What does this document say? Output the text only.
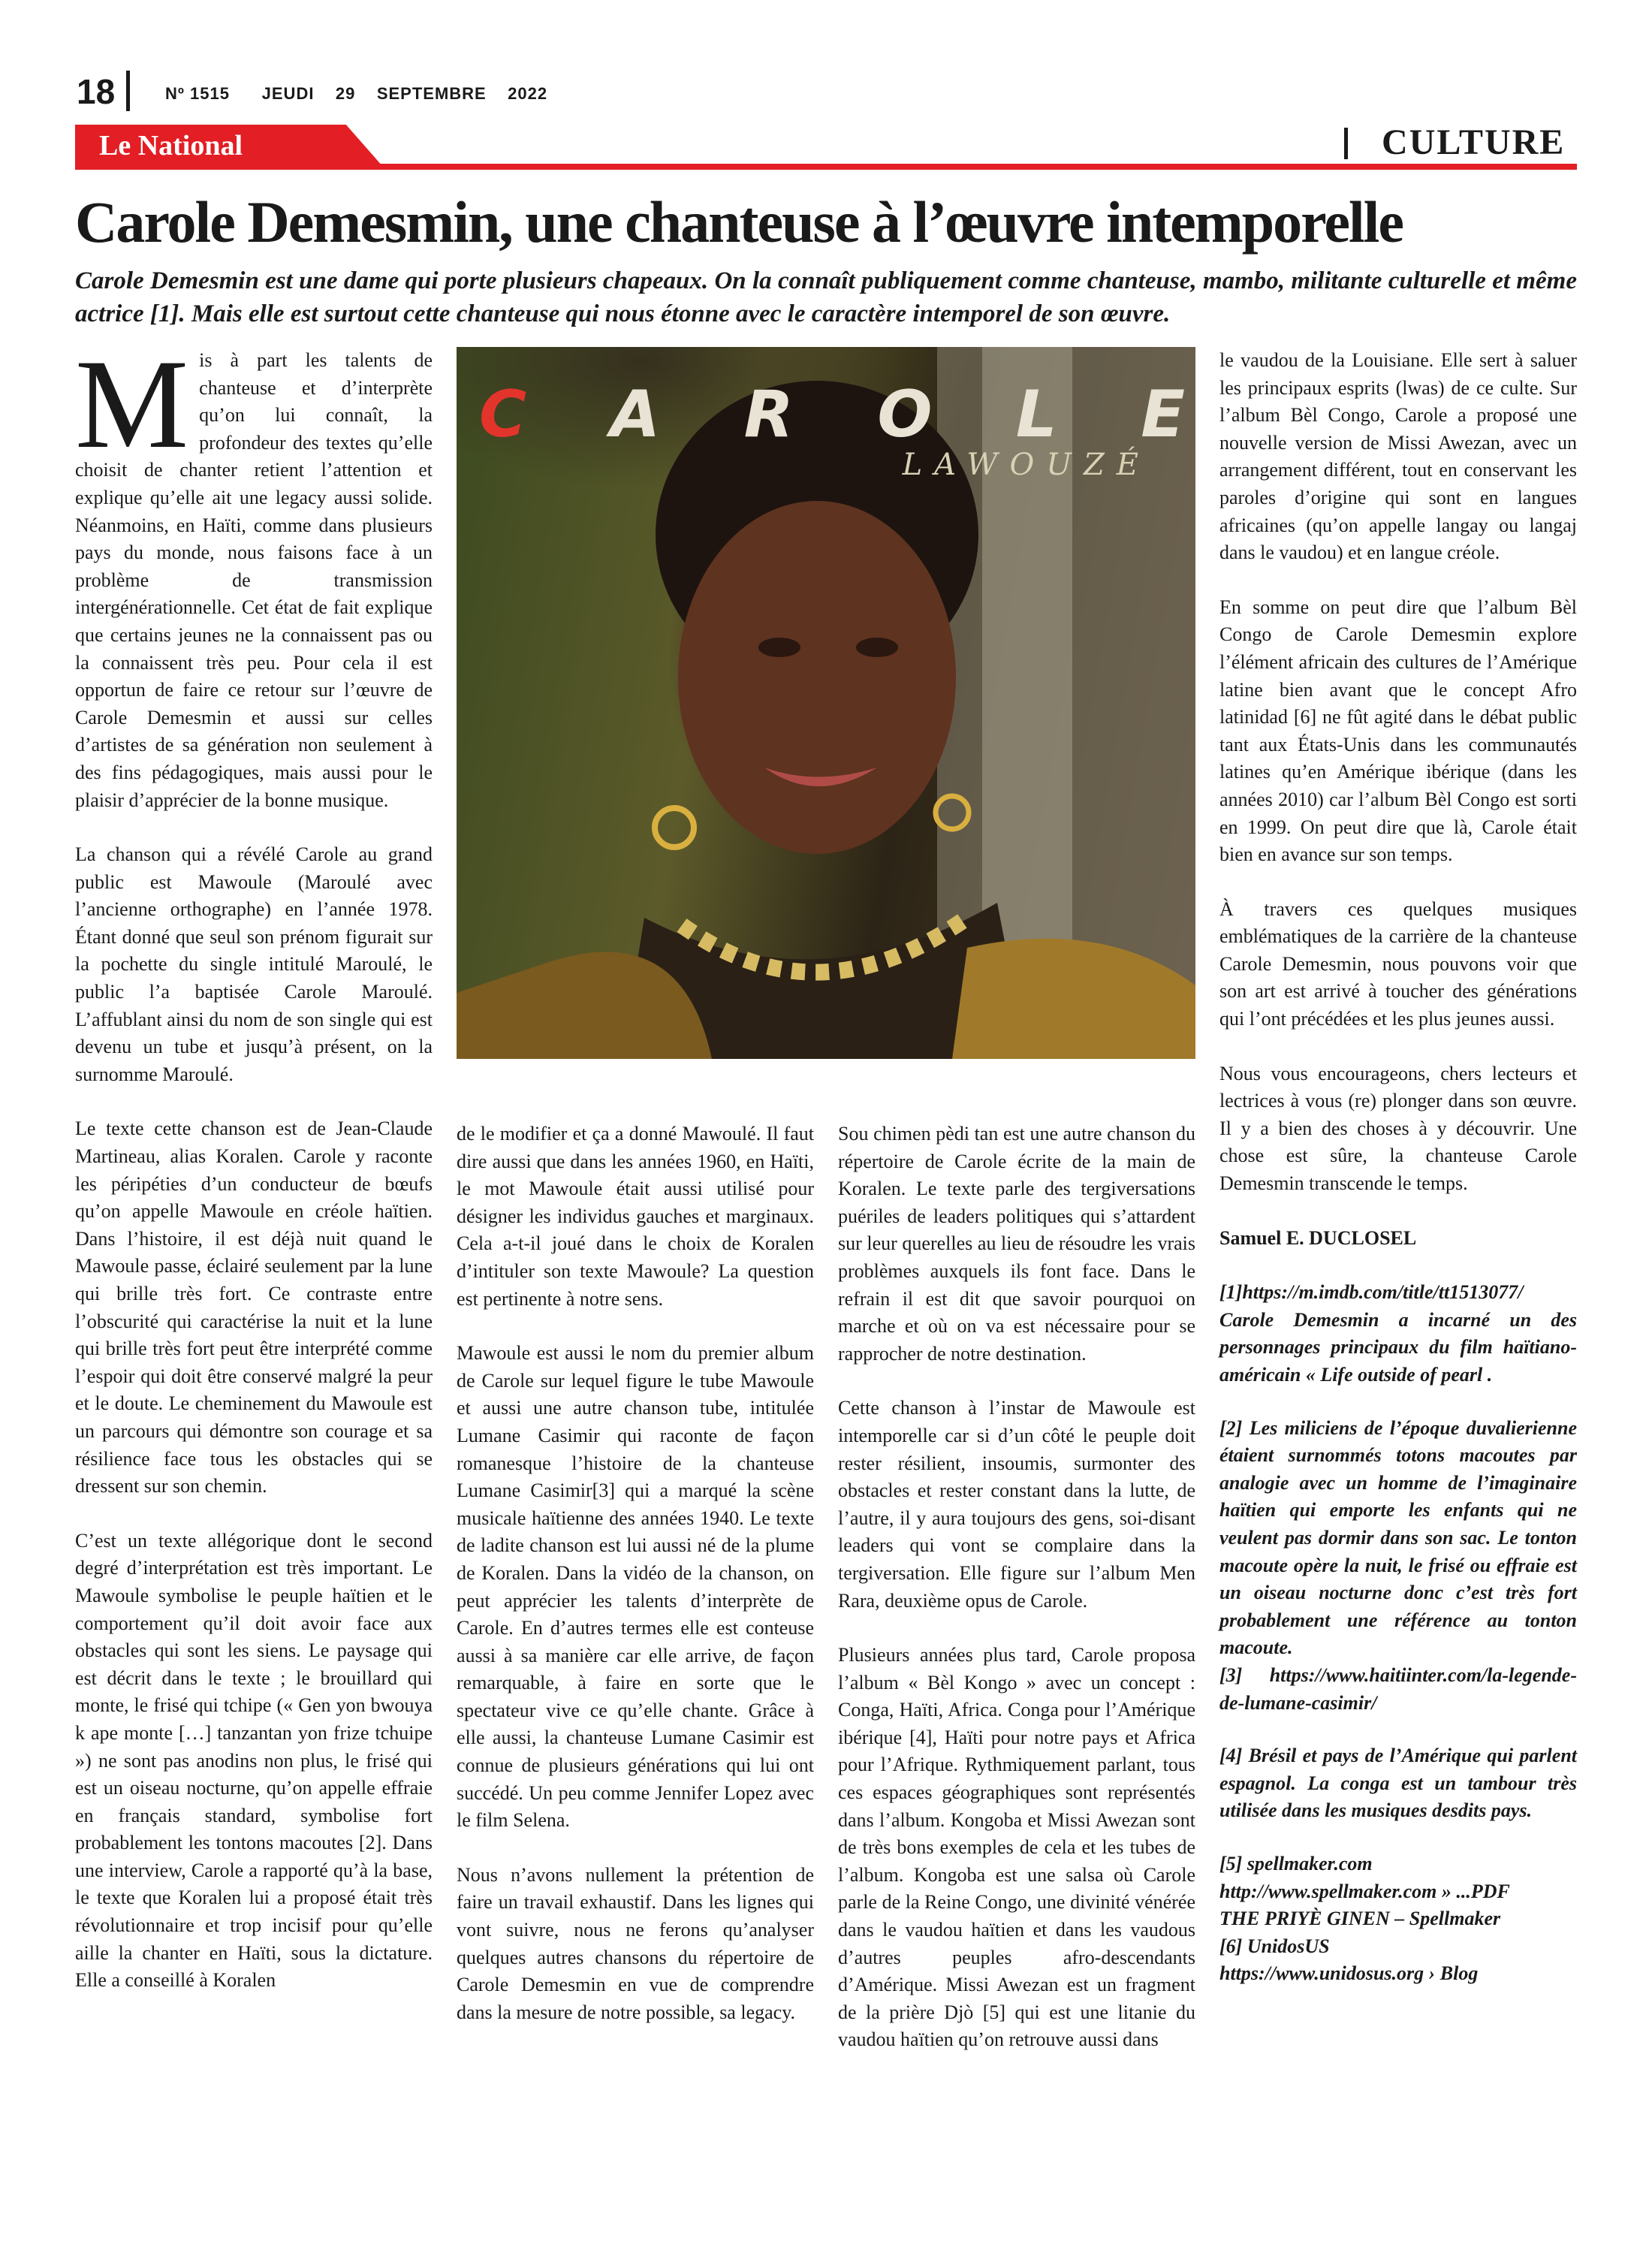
18	Nº 1515      JEUDI    29    SEPTEMBRE    2022
Le National	CULTURE
Carole Demesmin, une chanteuse à l’œuvre intemporelle
Carole Demesmin est une dame qui porte plusieurs chapeaux. On la connaît publiquement comme chanteuse, mambo, militante culturelle et même actrice [1]. Mais elle est surtout cette chanteuse qui nous étonne avec le caractère intemporel de son œuvre.

Mis à part les talents de chanteuse et d’interprète qu’on lui connaît, la profondeur des textes qu’elle choisit de chanter retient l’attention et explique qu’elle ait une legacy aussi solide. Néanmoins, en Haïti, comme dans plusieurs pays du monde, nous faisons face à un problème de transmission intergénérationnelle. Cet état de fait explique que certains jeunes ne la connaissent pas ou la connaissent très peu. Pour cela il est opportun de faire ce retour sur l’œuvre de Carole Demesmin et aussi sur celles d’artistes de sa génération non seulement à des fins pédagogiques, mais aussi pour le plaisir d’apprécier de la bonne musique.

La chanson qui a révélé Carole au grand public est Mawoule (Maroulé avec l’ancienne orthographe) en l’année 1978. Étant donné que seul son prénom figurait sur la pochette du single intitulé Maroulé, le public l’a baptisée Carole Maroulé. L’affublant ainsi du nom de son single qui est devenu un tube et jusqu’à présent, on la surnomme Maroulé.

Le texte cette chanson est de Jean-Claude Martineau, alias Koralen. Carole y raconte les péripéties d’un conducteur de bœufs qu’on appelle Mawoule en créole haïtien. Dans l’histoire, il est déjà nuit quand le Mawoule passe, éclairé seulement par la lune qui brille très fort. Ce contraste entre l’obscurité qui caractérise la nuit et la lune qui brille très fort peut être interprété comme l’espoir qui doit être conservé malgré la peur et le doute. Le cheminement du Mawoule est un parcours qui démontre son courage et sa résilience face tous les obstacles qui se dressent sur son chemin.

C’est un texte allégorique dont le second degré d’interprétation est très important. Le Mawoule symbolise le peuple haïtien et le comportement qu’il doit avoir face aux obstacles qui sont les siens. Le paysage qui est décrit dans le texte ; le brouillard qui monte, le frisé qui tchipe (« Gen yon bwouya k ape monte […] tanzantan yon frize tchuipe ») ne sont pas anodins non plus, le frisé qui est un oiseau nocturne, qu’on appelle effraie en français standard, symbolise fort probablement les tontons macoutes [2]. Dans une interview, Carole a rapporté qu’à la base, le texte que Koralen lui a proposé était très révolutionnaire et trop incisif pour qu’elle aille la chanter en Haïti, sous la dictature. Elle a conseillé à Koralen

C A R O L E
LAWOUZÉ

de le modifier et ça a donné Mawoulé. Il faut dire aussi que dans les années 1960, en Haïti, le mot Mawoule était aussi utilisé pour désigner les individus gauches et marginaux. Cela a-t-il joué dans le choix de Koralen d’intituler son texte Mawoule? La question est pertinente à notre sens.

Mawoule est aussi le nom du premier album de Carole sur lequel figure le tube Mawoule et aussi une autre chanson tube, intitulée Lumane Casimir qui raconte de façon romanesque l’histoire de la chanteuse Lumane Casimir[3] qui a marqué la scène musicale haïtienne des années 1940. Le texte de ladite chanson est lui aussi né de la plume de Koralen. Dans la vidéo de la chanson, on peut apprécier les talents d’interprète de Carole. En d’autres termes elle est conteuse aussi à sa manière car elle arrive, de façon remarquable, à faire en sorte que le spectateur vive ce qu’elle chante. Grâce à elle aussi, la chanteuse Lumane Casimir est connue de plusieurs générations qui lui ont succédé. Un peu comme Jennifer Lopez avec le film Selena.

Nous n’avons nullement la prétention de faire un travail exhaustif. Dans les lignes qui vont suivre, nous ne ferons qu’analyser quelques autres chansons du répertoire de Carole Demesmin en vue de comprendre dans la mesure de notre possible, sa legacy.

Sou chimen pèdi tan est une autre chanson du répertoire de Carole écrite de la main de Koralen. Le texte parle des tergiversations puériles de leaders politiques qui s’attardent sur leur querelles au lieu de résoudre les vrais problèmes auxquels ils font face. Dans le refrain il est dit que savoir pourquoi on marche et où on va est nécessaire pour se rapprocher de notre destination.

Cette chanson à l’instar de Mawoule est intemporelle car si d’un côté le peuple doit rester résilient, insoumis, surmonter des obstacles et rester constant dans la lutte, de l’autre, il y aura toujours des gens, soi-disant leaders qui vont se complaire dans la tergiversation. Elle figure sur l’album Men Rara, deuxième opus de Carole.

Plusieurs années plus tard, Carole proposa l’album « Bèl Kongo » avec un concept : Conga, Haïti, Africa. Conga pour l’Amérique ibérique [4], Haïti pour notre pays et Africa pour l’Afrique. Rythmiquement parlant, tous ces espaces géographiques sont représentés dans l’album. Kongoba et Missi Awezan sont de très bons exemples de cela et les tubes de l’album. Kongoba est une salsa où Carole parle de la Reine Congo, une divinité vénérée dans le vaudou haïtien et dans les vaudous d’autres peuples afro-descendants d’Amérique. Missi Awezan est un fragment de la prière Djò [5] qui est une litanie du vaudou haïtien qu’on retrouve aussi dans

le vaudou de la Louisiane. Elle sert à saluer les principaux esprits (lwas) de ce culte. Sur l’album Bèl Congo, Carole a proposé une nouvelle version de Missi Awezan, avec un arrangement différent, tout en conservant les paroles d’origine qui sont en langues africaines (qu’on appelle langay ou langaj dans le vaudou) et en langue créole.

En somme on peut dire que l’album Bèl Congo de Carole Demesmin explore l’élément africain des cultures de l’Amérique latine bien avant que le concept Afro latinidad [6] ne fût agité dans le débat public tant aux États-Unis dans les communautés latines qu’en Amérique ibérique (dans les années 2010) car l’album Bèl Congo est sorti en 1999. On peut dire que là, Carole était bien en avance sur son temps.

À travers ces quelques musiques emblématiques de la carrière de la chanteuse Carole Demesmin, nous pouvons voir que son art est arrivé à toucher des générations qui l’ont précédées et les plus jeunes aussi.

Nous vous encourageons, chers lecteurs et lectrices à vous (re) plonger dans son œuvre. Il y a bien des choses à y découvrir. Une chose est sûre, la chanteuse Carole Demesmin transcende le temps.

Samuel E. DUCLOSEL

[1]https://m.imdb.com/title/tt1513077/ Carole Demesmin a incarné un des personnages principaux du film haïtiano-américain « Life outside of pearl .

[2] Les miliciens de l’époque duvalierienne étaient surnommés totons macoutes par analogie avec un homme de l’imaginaire haïtien qui emporte les enfants qui ne veulent pas dormir dans son sac. Le tonton macoute opère la nuit, le frisé ou effraie est un oiseau nocturne donc c’est très fort probablement une référence au tonton macoute.

[3] https://www.haitiinter.com/la-legende-de-lumane-casimir/

[4] Brésil et pays de l’Amérique qui parlent espagnol. La conga est un tambour très utilisée dans les musiques desdits pays.

[5] spellmaker.com

http://www.spellmaker.com » ...PDF

THE PRIYÈ GINEN – Spellmaker

[6] UnidosUS

https://www.unidosus.org › Blog
